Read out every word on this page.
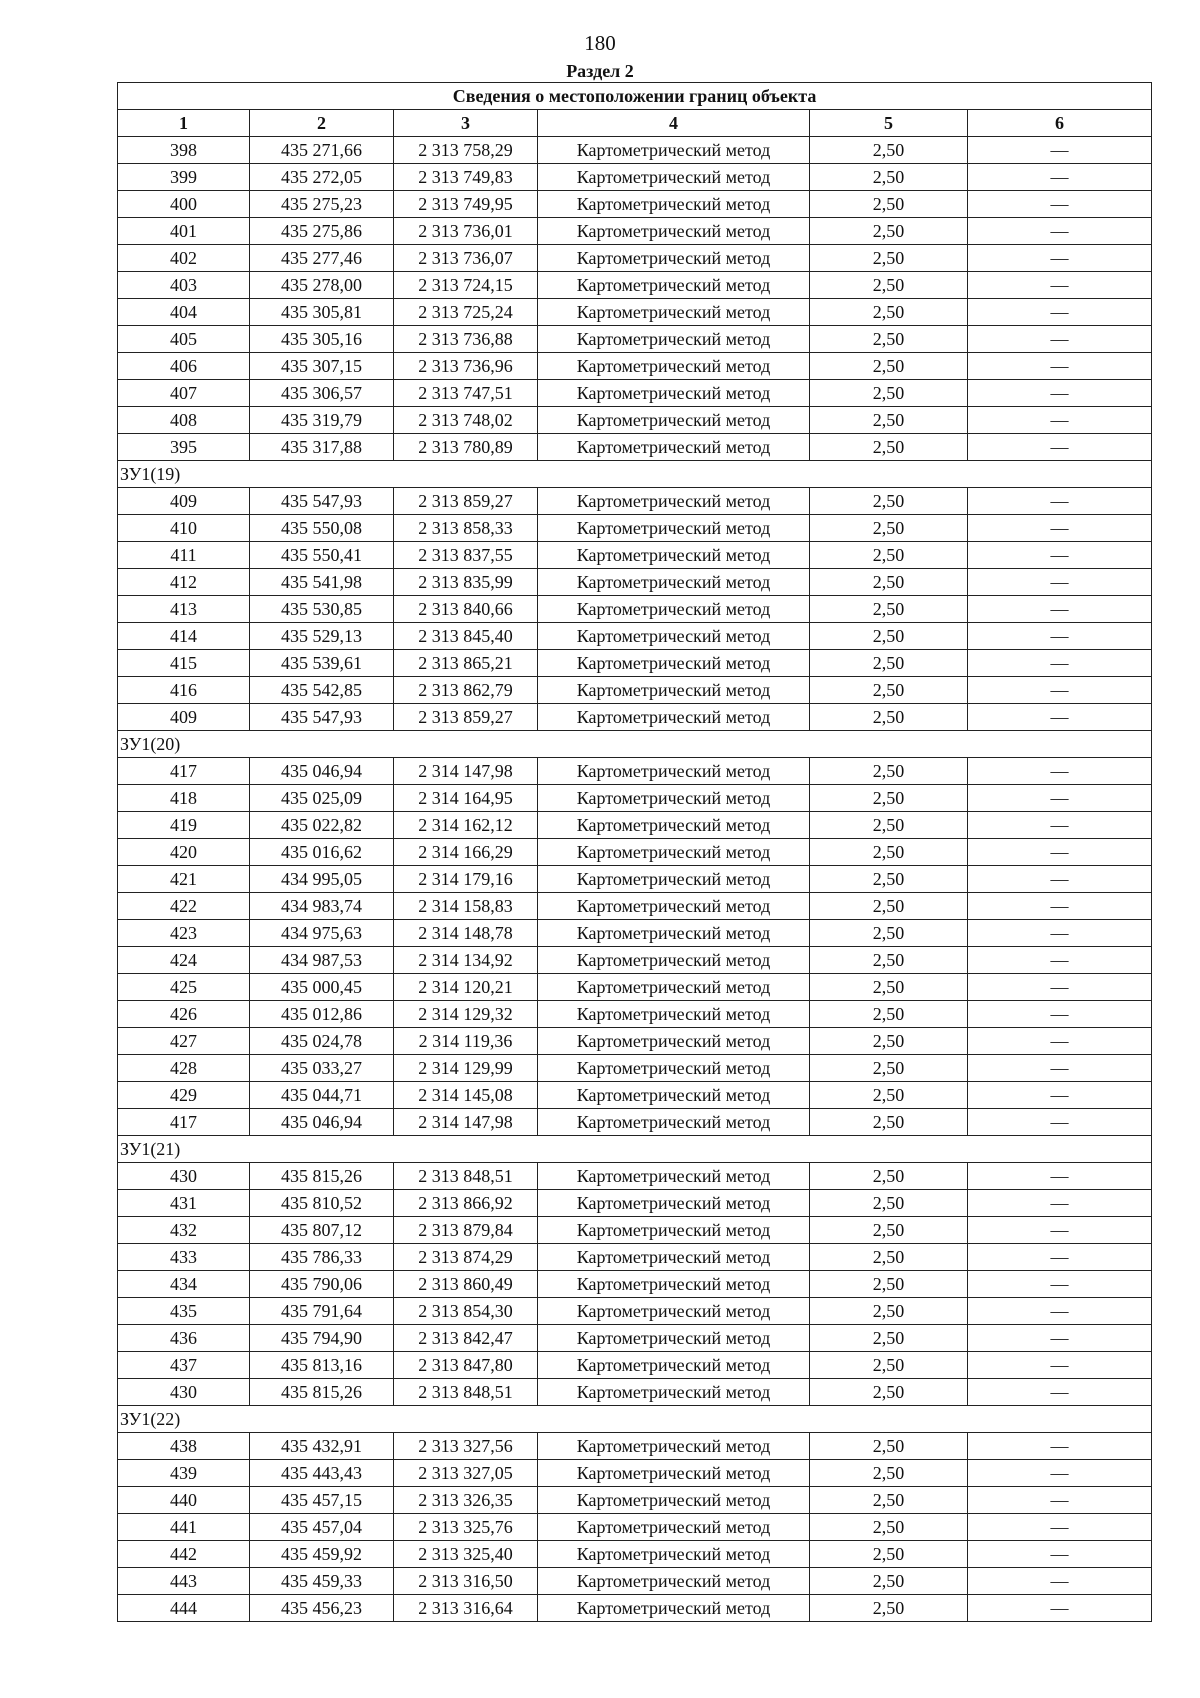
180
Раздел 2
Сведения о местоположении границ объекта					
1	2	3	4	5	6
398	435 271,66	2 313 758,29	Картометрический метод	2,50	—
399	435 272,05	2 313 749,83	Картометрический метод	2,50	—
400	435 275,23	2 313 749,95	Картометрический метод	2,50	—
401	435 275,86	2 313 736,01	Картометрический метод	2,50	—
402	435 277,46	2 313 736,07	Картометрический метод	2,50	—
403	435 278,00	2 313 724,15	Картометрический метод	2,50	—
404	435 305,81	2 313 725,24	Картометрический метод	2,50	—
405	435 305,16	2 313 736,88	Картометрический метод	2,50	—
406	435 307,15	2 313 736,96	Картометрический метод	2,50	—
407	435 306,57	2 313 747,51	Картометрический метод	2,50	—
408	435 319,79	2 313 748,02	Картометрический метод	2,50	—
395	435 317,88	2 313 780,89	Картометрический метод	2,50	—
ЗУ1(19)					
409	435 547,93	2 313 859,27	Картометрический метод	2,50	—
410	435 550,08	2 313 858,33	Картометрический метод	2,50	—
411	435 550,41	2 313 837,55	Картометрический метод	2,50	—
412	435 541,98	2 313 835,99	Картометрический метод	2,50	—
413	435 530,85	2 313 840,66	Картометрический метод	2,50	—
414	435 529,13	2 313 845,40	Картометрический метод	2,50	—
415	435 539,61	2 313 865,21	Картометрический метод	2,50	—
416	435 542,85	2 313 862,79	Картометрический метод	2,50	—
409	435 547,93	2 313 859,27	Картометрический метод	2,50	—
ЗУ1(20)					
417	435 046,94	2 314 147,98	Картометрический метод	2,50	—
418	435 025,09	2 314 164,95	Картометрический метод	2,50	—
419	435 022,82	2 314 162,12	Картометрический метод	2,50	—
420	435 016,62	2 314 166,29	Картометрический метод	2,50	—
421	434 995,05	2 314 179,16	Картометрический метод	2,50	—
422	434 983,74	2 314 158,83	Картометрический метод	2,50	—
423	434 975,63	2 314 148,78	Картометрический метод	2,50	—
424	434 987,53	2 314 134,92	Картометрический метод	2,50	—
425	435 000,45	2 314 120,21	Картометрический метод	2,50	—
426	435 012,86	2 314 129,32	Картометрический метод	2,50	—
427	435 024,78	2 314 119,36	Картометрический метод	2,50	—
428	435 033,27	2 314 129,99	Картометрический метод	2,50	—
429	435 044,71	2 314 145,08	Картометрический метод	2,50	—
417	435 046,94	2 314 147,98	Картометрический метод	2,50	—
ЗУ1(21)					
430	435 815,26	2 313 848,51	Картометрический метод	2,50	—
431	435 810,52	2 313 866,92	Картометрический метод	2,50	—
432	435 807,12	2 313 879,84	Картометрический метод	2,50	—
433	435 786,33	2 313 874,29	Картометрический метод	2,50	—
434	435 790,06	2 313 860,49	Картометрический метод	2,50	—
435	435 791,64	2 313 854,30	Картометрический метод	2,50	—
436	435 794,90	2 313 842,47	Картометрический метод	2,50	—
437	435 813,16	2 313 847,80	Картометрический метод	2,50	—
430	435 815,26	2 313 848,51	Картометрический метод	2,50	—
ЗУ1(22)					
438	435 432,91	2 313 327,56	Картометрический метод	2,50	—
439	435 443,43	2 313 327,05	Картометрический метод	2,50	—
440	435 457,15	2 313 326,35	Картометрический метод	2,50	—
441	435 457,04	2 313 325,76	Картометрический метод	2,50	—
442	435 459,92	2 313 325,40	Картометрический метод	2,50	—
443	435 459,33	2 313 316,50	Картометрический метод	2,50	—
444	435 456,23	2 313 316,64	Картометрический метод	2,50	—
